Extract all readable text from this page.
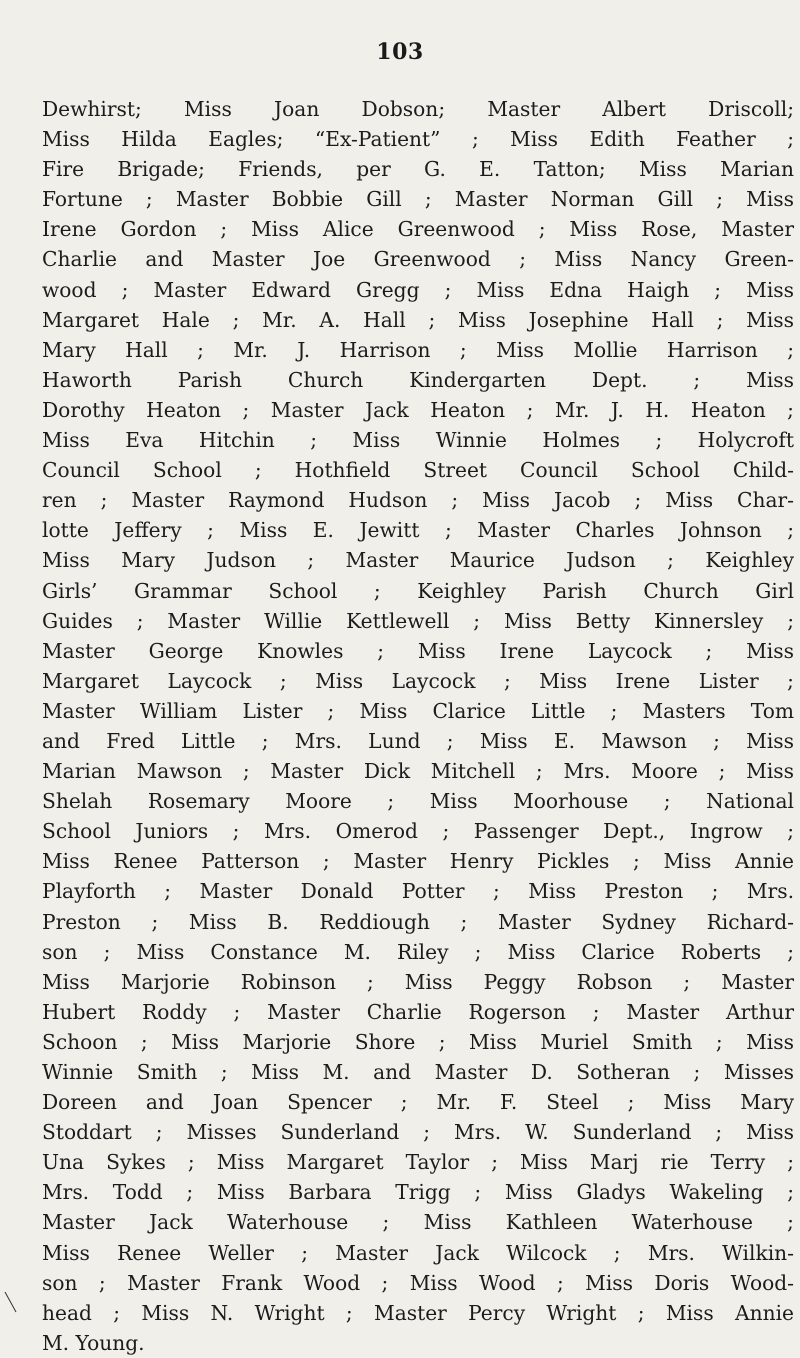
103
Dewhirst; Miss Joan Dobson; Master Albert Driscoll;
Miss Hilda Eagles; “Ex-Patient” ; Miss Edith Feather ;
Fire Brigade; Friends, per G. E. Tatton; Miss Marian
Fortune ; Master Bobbie Gill ; Master Norman Gill ; Miss
Irene Gordon ; Miss Alice Greenwood ; Miss Rose, Master
Charlie and Master Joe Greenwood ; Miss Nancy Green-
wood ; Master Edward Gregg ; Miss Edna Haigh ; Miss
Margaret Hale ; Mr. A. Hall ; Miss Josephine Hall ; Miss
Mary Hall ; Mr. J. Harrison ; Miss Mollie Harrison ;
Haworth Parish Church Kindergarten Dept. ; Miss
Dorothy Heaton ; Master Jack Heaton ; Mr. J. H. Heaton ;
Miss Eva Hitchin ; Miss Winnie Holmes ; Holycroft
Council School ; Hothfield Street Council School Child-
ren ; Master Raymond Hudson ; Miss Jacob ; Miss Char-
lotte Jeffery ; Miss E. Jewitt ; Master Charles Johnson ;
Miss Mary Judson ; Master Maurice Judson ; Keighley
Girls’ Grammar School ; Keighley Parish Church Girl
Guides ; Master Willie Kettlewell ; Miss Betty Kinnersley ;
Master George Knowles ; Miss Irene Laycock ; Miss
Margaret Laycock ; Miss Laycock ; Miss Irene Lister ;
Master William Lister ; Miss Clarice Little ; Masters Tom
and Fred Little ; Mrs. Lund ; Miss E. Mawson ; Miss
Marian Mawson ; Master Dick Mitchell ; Mrs. Moore ; Miss
Shelah Rosemary Moore ; Miss Moorhouse ; National
School Juniors ; Mrs. Omerod ; Passenger Dept., Ingrow ;
Miss Renee Patterson ; Master Henry Pickles ; Miss Annie
Playforth ; Master Donald Potter ; Miss Preston ; Mrs.
Preston ; Miss B. Reddiough ; Master Sydney Richard-
son ; Miss Constance M. Riley ; Miss Clarice Roberts ;
Miss Marjorie Robinson ; Miss Peggy Robson ; Master
Hubert Roddy ; Master Charlie Rogerson ; Master Arthur
Schoon ; Miss Marjorie Shore ; Miss Muriel Smith ; Miss
Winnie Smith ; Miss M. and Master D. Sotheran ; Misses
Doreen and Joan Spencer ; Mr. F. Steel ; Miss Mary
Stoddart ; Misses Sunderland ; Mrs. W. Sunderland ; Miss
Una Sykes ; Miss Margaret Taylor ; Miss Marj rie Terry ;
Mrs. Todd ; Miss Barbara Trigg ; Miss Gladys Wakeling ;
Master Jack Waterhouse ; Miss Kathleen Waterhouse ;
Miss Renee Weller ; Master Jack Wilcock ; Mrs. Wilkin-
son ; Master Frank Wood ; Miss Wood ; Miss Doris Wood-
head ; Miss N. Wright ; Master Percy Wright ; Miss Annie
M. Young.
